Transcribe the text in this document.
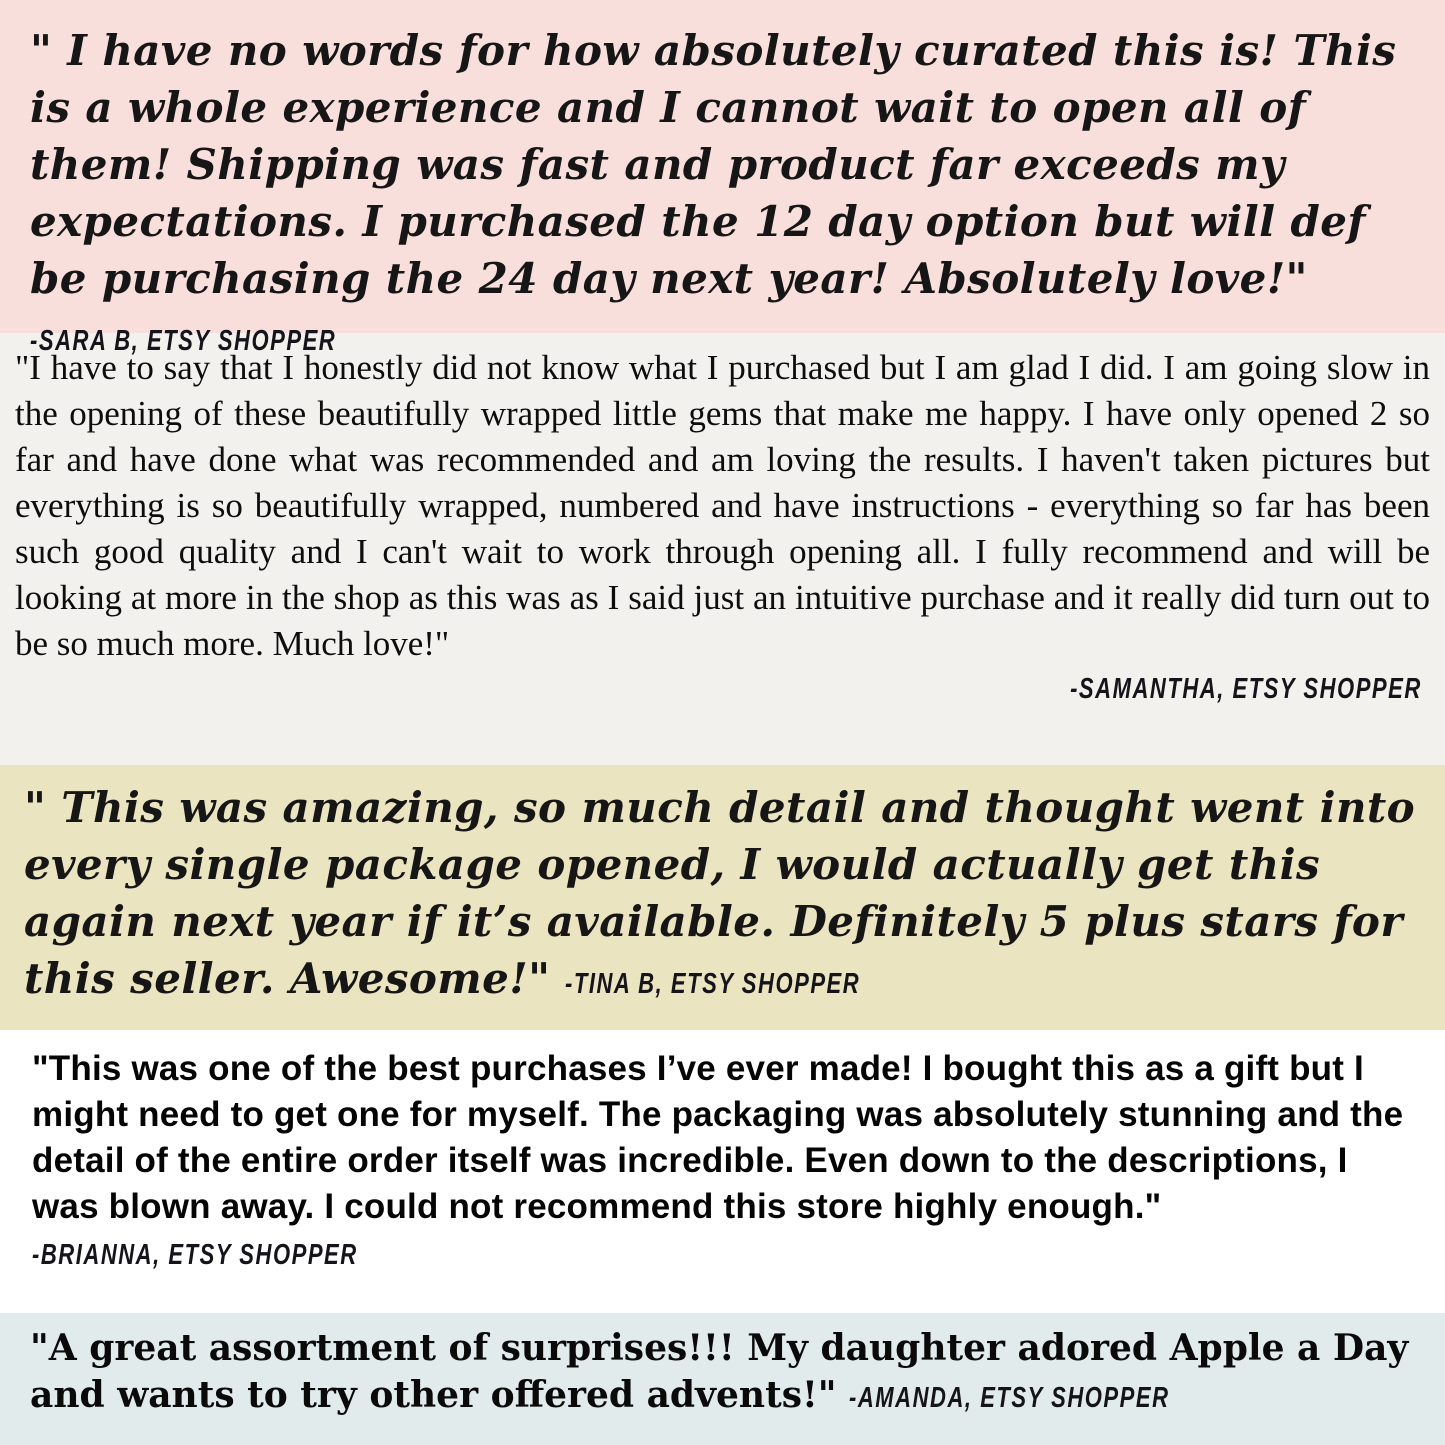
" I have no words for how absolutely curated this is! This is a whole experience and I cannot wait to open all of them! Shipping was fast and product far exceeds my expectations. I purchased the 12 day option but will def be purchasing the 24 day next year! Absolutely love!" -SARA B, ETSY SHOPPER

"I have to say that I honestly did not know what I purchased but I am glad I did. I am going slow in the opening of these beautifully wrapped little gems that make me happy. I have only opened 2 so far and have done what was recommended and am loving the results. I haven't taken pictures but everything is so beautifully wrapped, numbered and have instructions - everything so far has been such good quality and I can't wait to work through opening all. I fully recommend and will be looking at more in the shop as this was as I said just an intuitive purchase and it really did turn out to be so much more. Much love!"

-SAMANTHA, ETSY SHOPPER

" This was amazing, so much detail and thought went into every single package opened, I would actually get this again next year if it’s available. Definitely 5 plus stars for this seller. Awesome!" -TINA B, ETSY SHOPPER

"This was one of the best purchases I’ve ever made! I bought this as a gift but I might need to get one for myself. The packaging was absolutely stunning and the detail of the entire order itself was incredible. Even down to the descriptions, I was blown away. I could not recommend this store highly enough." -BRIANNA, ETSY SHOPPER

"A great assortment of surprises!!! My daughter adored Apple a Day and wants to try other offered advents!" -AMANDA, ETSY SHOPPER
